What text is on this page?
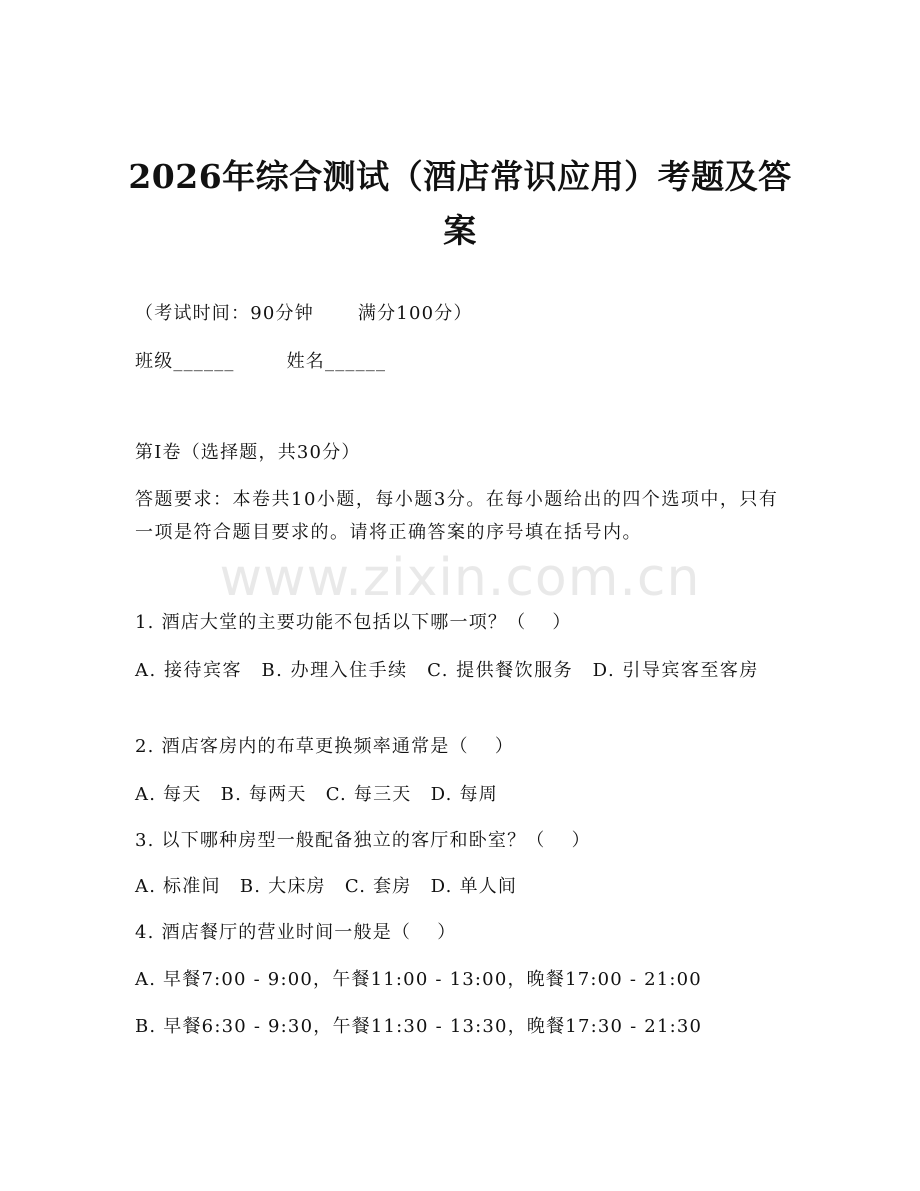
2026年综合测试（酒店常识应用）考题及答案
（考试时间：90分钟 满分100分）
班级______	姓名______
第I卷（选择题，共30分）
答题要求：本卷共10小题，每小题3分。在每小题给出的四个选项中，只有一项是符合题目要求的。请将正确答案的序号填在括号内。
www.zixin.com.cn
1. 酒店大堂的主要功能不包括以下哪一项？（　 ）
A. 接待宾客　B. 办理入住手续　C. 提供餐饮服务　D. 引导宾客至客房
2. 酒店客房内的布草更换频率通常是（　 ）
A. 每天　B. 每两天　C. 每三天　D. 每周
3. 以下哪种房型一般配备独立的客厅和卧室？（　 ）
A. 标准间　B. 大床房　C. 套房　D. 单人间
4. 酒店餐厅的营业时间一般是（　 ）
A. 早餐7:00 - 9:00，午餐11:00 - 13:00，晚餐17:00 - 21:00
B. 早餐6:30 - 9:30，午餐11:30 - 13:30，晚餐17:30 - 21:30
